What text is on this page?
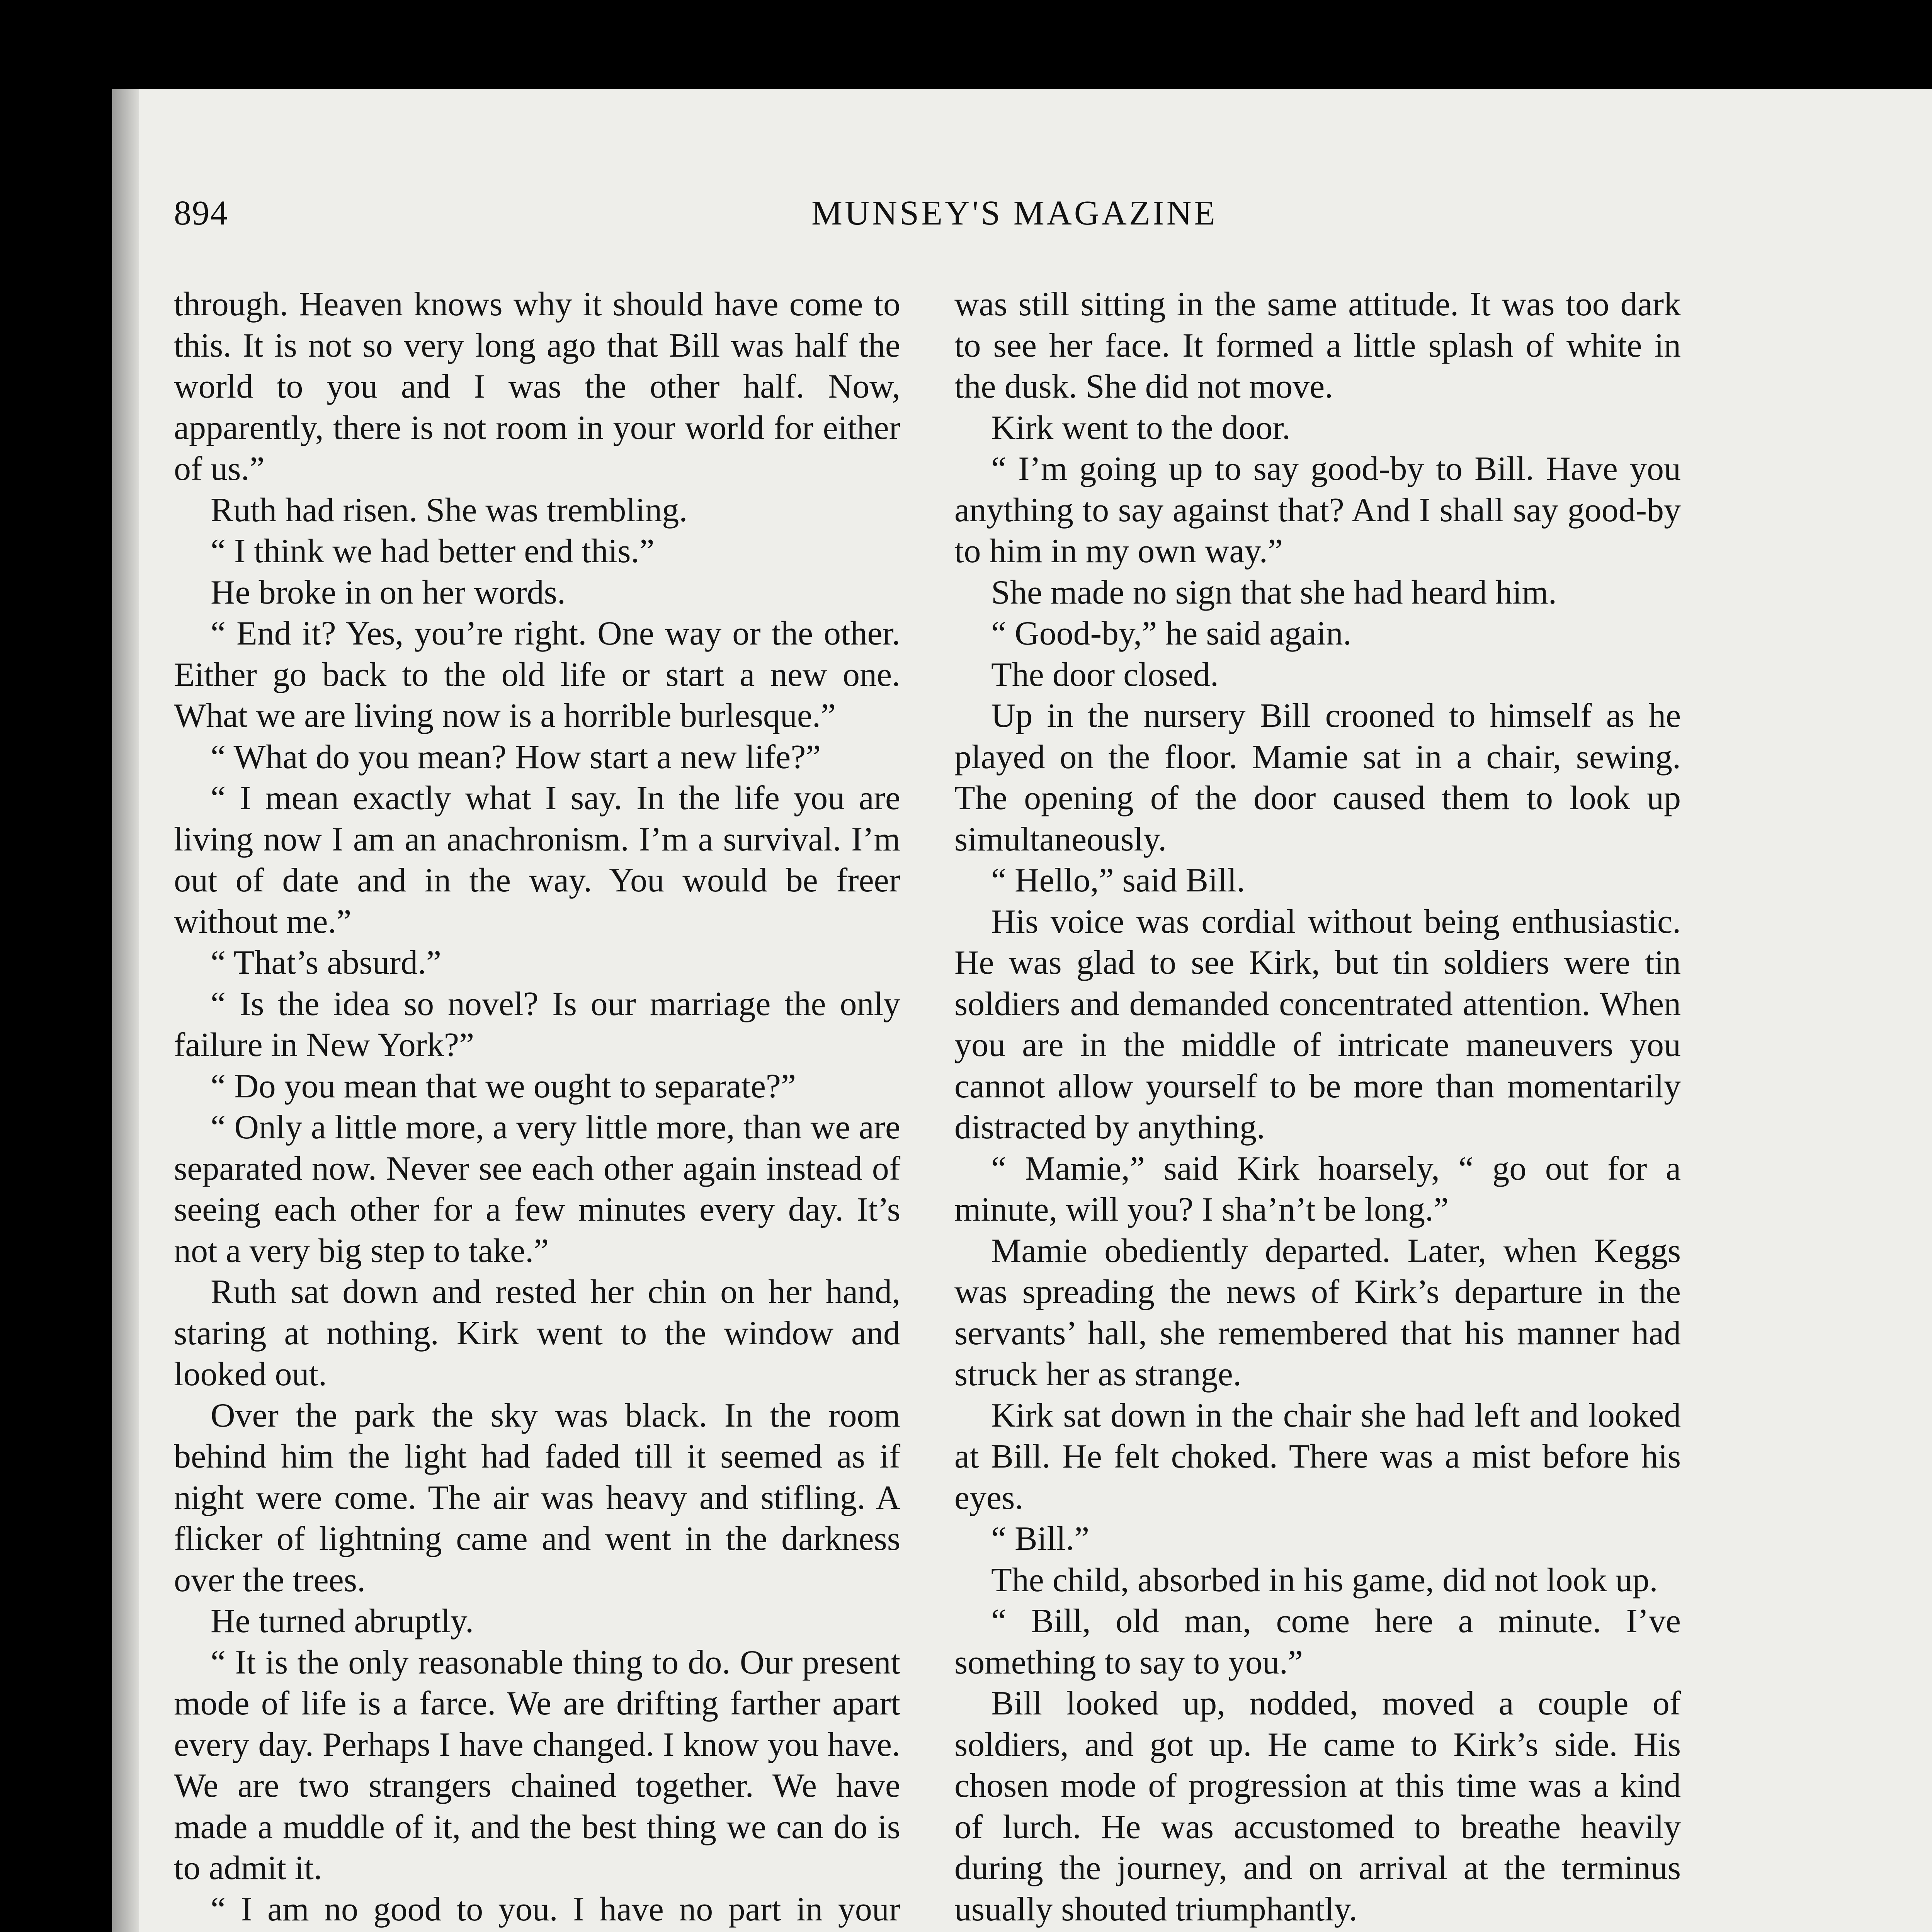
894	MUNSEY'S MAGAZINE

through. Heaven knows why it should have come to this. It is not so very long ago that Bill was half the world to you and I was the other half. Now, apparently, there is not room in your world for either of us.”

Ruth had risen. She was trembling.

“ I think we had better end this.”

He broke in on her words.

“ End it? Yes, you’re right. One way or the other. Either go back to the old life or start a new one. What we are living now is a horrible burlesque.”

“ What do you mean? How start a new life?”

“ I mean exactly what I say. In the life you are living now I am an anachronism. I’m a survival. I’m out of date and in the way. You would be freer without me.”

“ That’s absurd.”

“ Is the idea so novel? Is our marriage the only failure in New York?”

“ Do you mean that we ought to separate?”

“ Only a little more, a very little more, than we are separated now. Never see each other again instead of seeing each other for a few minutes every day. It’s not a very big step to take.”

Ruth sat down and rested her chin on her hand, staring at nothing. Kirk went to the window and looked out.

Over the park the sky was black. In the room behind him the light had faded till it seemed as if night were come. The air was heavy and stifling. A flicker of lightning came and went in the darkness over the trees.

He turned abruptly.

“ It is the only reasonable thing to do. Our present mode of life is a farce. We are drifting farther apart every day. Perhaps I have changed. I know you have. We are two strangers chained together. We have made a muddle of it, and the best thing we can do is to admit it.

“ I am no good to you. I have no part in your

was still sitting in the same attitude. It was too dark to see her face. It formed a little splash of white in the dusk. She did not move.

Kirk went to the door.

“ I’m going up to say good-by to Bill. Have you anything to say against that? And I shall say good-by to him in my own way.”

She made no sign that she had heard him.

“ Good-by,” he said again.

The door closed.

Up in the nursery Bill crooned to himself as he played on the floor. Mamie sat in a chair, sewing. The opening of the door caused them to look up simultaneously.

“ Hello,” said Bill.

His voice was cordial without being enthusiastic. He was glad to see Kirk, but tin soldiers were tin soldiers and demanded concentrated attention. When you are in the middle of intricate maneuvers you cannot allow yourself to be more than momentarily distracted by anything.

“ Mamie,” said Kirk hoarsely, “ go out for a minute, will you? I sha’n’t be long.”

Mamie obediently departed. Later, when Keggs was spreading the news of Kirk’s departure in the servants’ hall, she remembered that his manner had struck her as strange.

Kirk sat down in the chair she had left and looked at Bill. He felt choked. There was a mist before his eyes.

“ Bill.”

The child, absorbed in his game, did not look up.

“ Bill, old man, come here a minute. I’ve something to say to you.”

Bill looked up, nodded, moved a couple of soldiers, and got up. He came to Kirk’s side. His chosen mode of progression at this time was a kind of lurch. He was accustomed to breathe heavily during the journey, and on arrival at the terminus usually shouted triumphantly.
